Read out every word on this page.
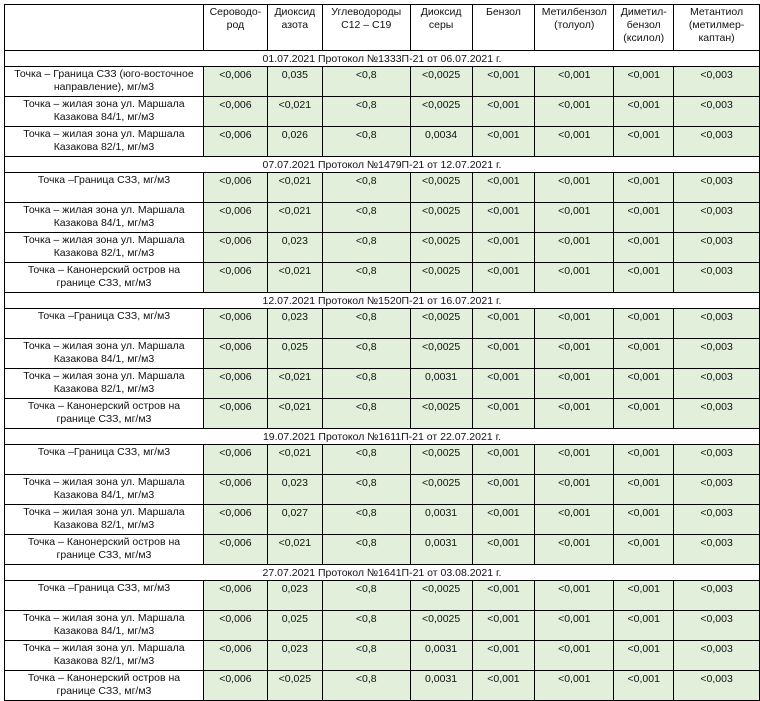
	Сероводо-род	Диоксид азота	Углеводороды С12 – С19	Диоксид серы	Бензол	Метилбензол (толуол)	Диметил-бензол (ксилол)	Метантиол (метилмер-каптан)
01.07.2021 Протокол №1333П-21 от 06.07.2021 г.								
Точка – Граница СЗЗ (юго-восточное направление), мг/м3	<0,006	0,035	<0,8	<0,0025	<0,001	<0,001	<0,001	<0,003
Точка – жилая зона ул. Маршала Казакова 84/1, мг/м3	<0,006	<0,021	<0,8	<0,0025	<0,001	<0,001	<0,001	<0,003
Точка – жилая зона ул. Маршала Казакова 82/1, мг/м3	<0,006	0,026	<0,8	0,0034	<0,001	<0,001	<0,001	<0,003
07.07.2021 Протокол №1479П-21 от 12.07.2021 г.								
Точка –Граница СЗЗ, мг/м3	<0,006	<0,021	<0,8	<0,0025	<0,001	<0,001	<0,001	<0,003
Точка – жилая зона ул. Маршала Казакова 84/1, мг/м3	<0,006	<0,021	<0,8	<0,0025	<0,001	<0,001	<0,001	<0,003
Точка – жилая зона ул. Маршала Казакова 82/1, мг/м3	<0,006	0,023	<0,8	<0,0025	<0,001	<0,001	<0,001	<0,003
Точка – Канонерский остров на границе СЗЗ, мг/м3	<0,006	<0,021	<0,8	<0,0025	<0,001	<0,001	<0,001	<0,003
12.07.2021 Протокол №1520П-21 от 16.07.2021 г.								
Точка –Граница СЗЗ, мг/м3	<0,006	0,023	<0,8	<0,0025	<0,001	<0,001	<0,001	<0,003
Точка – жилая зона ул. Маршала Казакова 84/1, мг/м3	<0,006	0,025	<0,8	<0,0025	<0,001	<0,001	<0,001	<0,003
Точка – жилая зона ул. Маршала Казакова 82/1, мг/м3	<0,006	<0,021	<0,8	0,0031	<0,001	<0,001	<0,001	<0,003
Точка – Канонерский остров на границе СЗЗ, мг/м3	<0,006	<0,021	<0,8	<0,0025	<0,001	<0,001	<0,001	<0,003
19.07.2021 Протокол №1611П-21 от 22.07.2021 г.								
Точка –Граница СЗЗ, мг/м3	<0,006	<0,021	<0,8	<0,0025	<0,001	<0,001	<0,001	<0,003
Точка – жилая зона ул. Маршала Казакова 84/1, мг/м3	<0,006	0,023	<0,8	<0,0025	<0,001	<0,001	<0,001	<0,003
Точка – жилая зона ул. Маршала Казакова 82/1, мг/м3	<0,006	0,027	<0,8	0,0031	<0,001	<0,001	<0,001	<0,003
Точка – Канонерский остров на границе СЗЗ, мг/м3	<0,006	<0,021	<0,8	0,0031	<0,001	<0,001	<0,001	<0,003
27.07.2021 Протокол №1641П-21 от 03.08.2021 г.								
Точка –Граница СЗЗ, мг/м3	<0,006	0,023	<0,8	<0,0025	<0,001	<0,001	<0,001	<0,003
Точка – жилая зона ул. Маршала Казакова 84/1, мг/м3	<0,006	0,025	<0,8	<0,0025	<0,001	<0,001	<0,001	<0,003
Точка – жилая зона ул. Маршала Казакова 82/1, мг/м3	<0,006	0,023	<0,8	0,0031	<0,001	<0,001	<0,001	<0,003
Точка – Канонерский остров на границе СЗЗ, мг/м3	<0,006	<0,025	<0,8	0,0031	<0,001	<0,001	<0,001	<0,003
